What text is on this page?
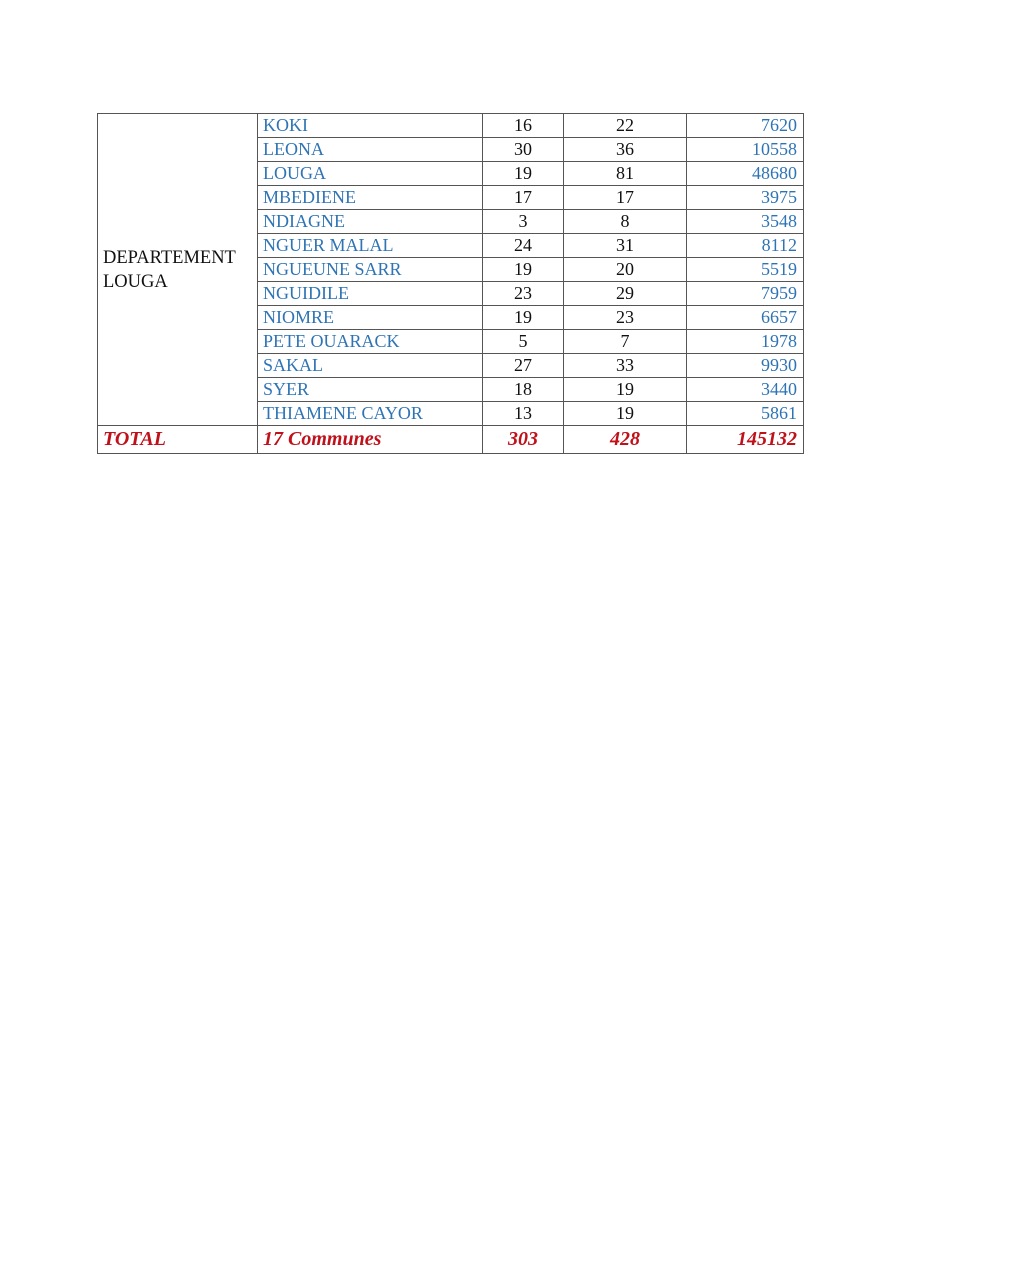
DEPARTEMENT
LOUGA	KOKI	16	22	7620
	LEONA	30	36	10558
	LOUGA	19	81	48680
	MBEDIENE	17	17	3975
	NDIAGNE	3	8	3548
	NGUER MALAL	24	31	8112
	NGUEUNE SARR	19	20	5519
	NGUIDILE	23	29	7959
	NIOMRE	19	23	6657
	PETE OUARACK	5	7	1978
	SAKAL	27	33	9930
	SYER	18	19	3440
	THIAMENE CAYOR	13	19	5861
TOTAL	17 Communes	303	428	145132
